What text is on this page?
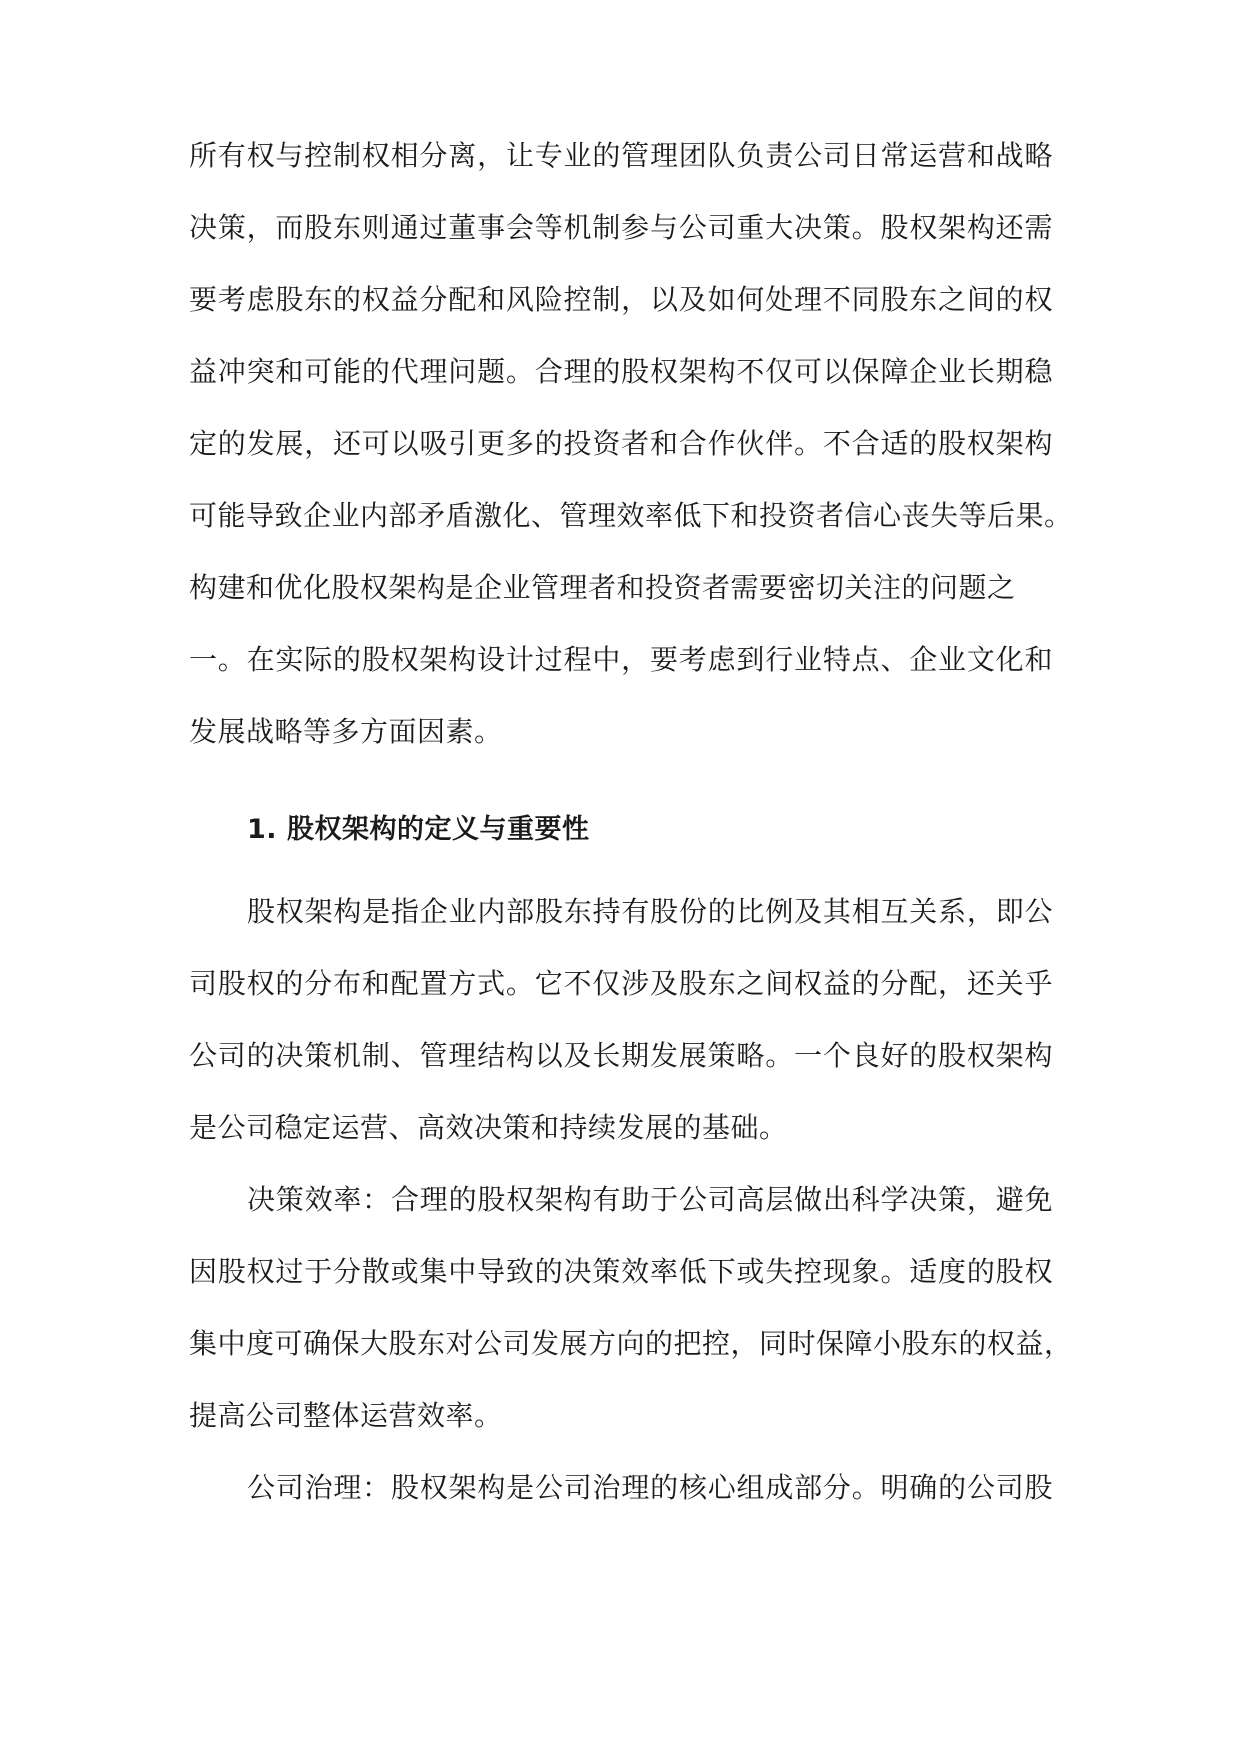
所有权与控制权相分离，让专业的管理团队负责公司日常运营和战略
决策，而股东则通过董事会等机制参与公司重大决策。股权架构还需
要考虑股东的权益分配和风险控制，以及如何处理不同股东之间的权
益冲突和可能的代理问题。合理的股权架构不仅可以保障企业长期稳
定的发展，还可以吸引更多的投资者和合作伙伴。不合适的股权架构
可能导致企业内部矛盾激化、管理效率低下和投资者信心丧失等后果。
构建和优化股权架构是企业管理者和投资者需要密切关注的问题之
一。在实际的股权架构设计过程中，要考虑到行业特点、企业文化和
发展战略等多方面因素。
1. 股权架构的定义与重要性
股权架构是指企业内部股东持有股份的比例及其相互关系，即公
司股权的分布和配置方式。它不仅涉及股东之间权益的分配，还关乎
公司的决策机制、管理结构以及长期发展策略。一个良好的股权架构
是公司稳定运营、高效决策和持续发展的基础。
决策效率：合理的股权架构有助于公司高层做出科学决策，避免
因股权过于分散或集中导致的决策效率低下或失控现象。适度的股权
集中度可确保大股东对公司发展方向的把控，同时保障小股东的权益，
提高公司整体运营效率。
公司治理：股权架构是公司治理的核心组成部分。明确的公司股
